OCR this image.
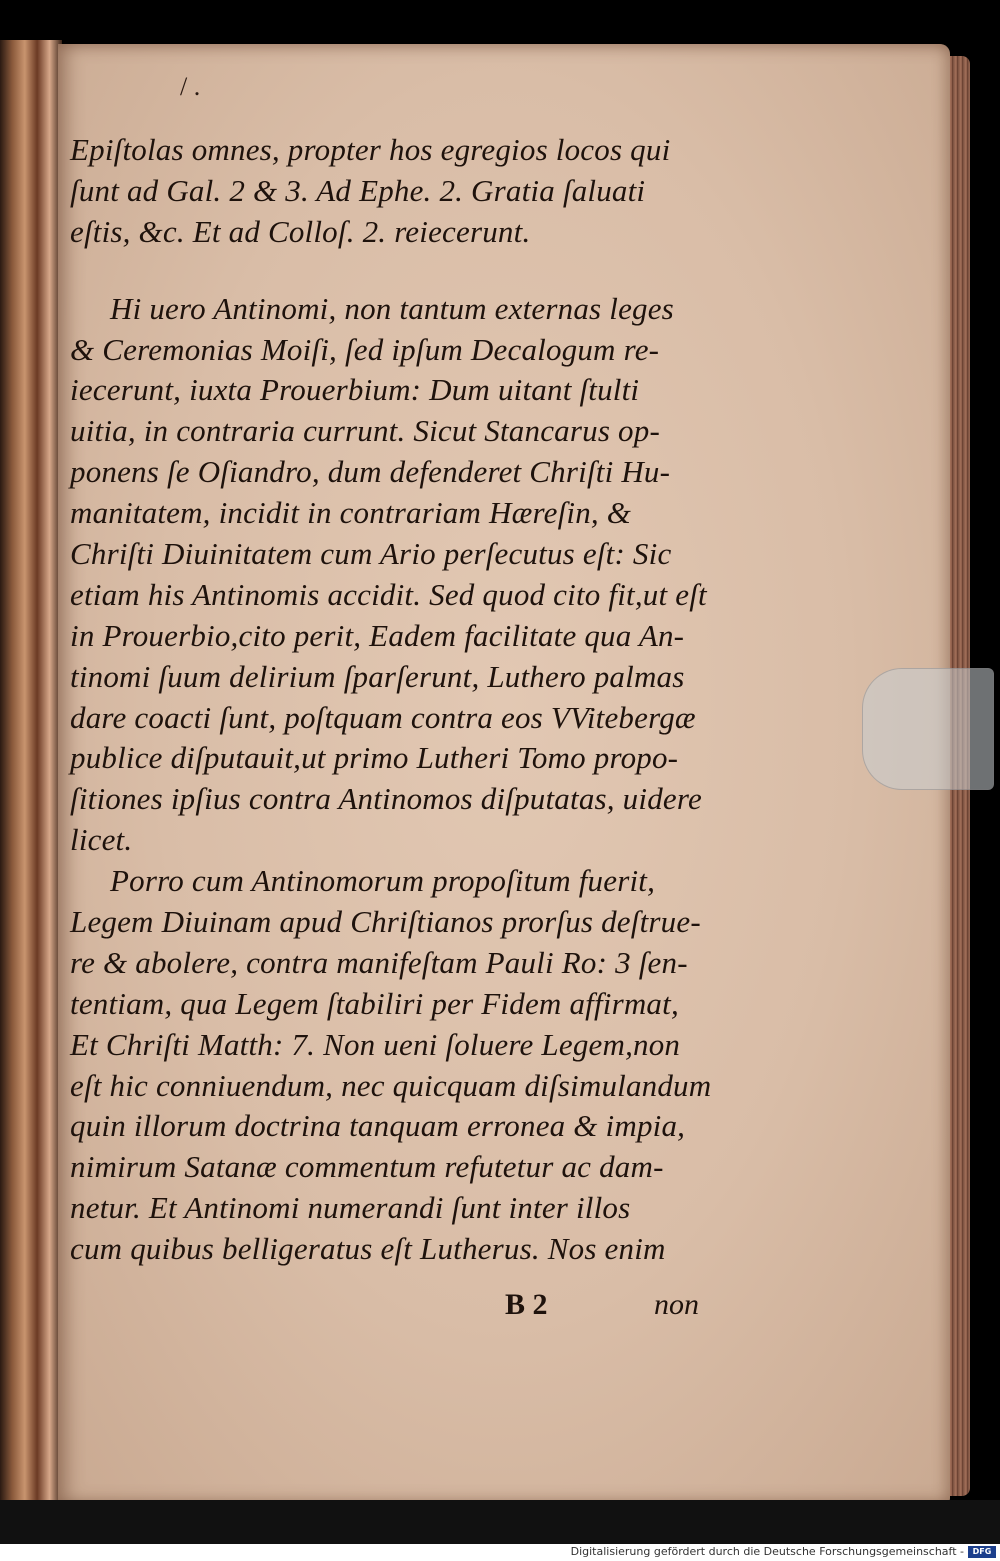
/ .
Epiſtolas omnes, propter hos egregios locos qui
ſunt ad Gal. 2 & 3. Ad Ephe. 2. Gratia ſaluati
eſtis, &c. Et ad Colloſ. 2. reiecerunt.
Hi uero Antinomi, non tantum externas leges
& Ceremonias Moiſi, ſed ipſum Decalogum re-
iecerunt, iuxta Prouerbium: Dum uitant ſtulti
uitia, in contraria currunt. Sicut Stancarus op-
ponens ſe Oſiandro, dum defenderet Chriſti Hu-
manitatem, incidit in contrariam Hæreſin, &
Chriſti Diuinitatem cum Ario perſecutus eſt: Sic
etiam his Antinomis accidit. Sed quod cito fit,ut eſt
in Prouerbio,cito perit, Eadem facilitate qua An-
tinomi ſuum delirium ſparſerunt, Luthero palmas
dare coacti ſunt, poſtquam contra eos VVitebergæ
publice diſputauit,ut primo Lutheri Tomo propo-
ſitiones ipſius contra Antinomos diſputatas, uidere
licet.
Porro cum Antinomorum propoſitum fuerit,
Legem Diuinam apud Chriſtianos prorſus deſtrue-
re & abolere, contra manifeſtam Pauli Ro: 3 ſen-
tentiam, qua Legem ſtabiliri per Fidem affirmat,
Et Chriſti Matth: 7. Non ueni ſoluere Legem,non
eſt hic conniuendum, nec quicquam diſsimulandum
quin illorum doctrina tanquam erronea & impia,
nimirum Satanæ commentum refutetur ac dam-
netur. Et Antinomi numerandi ſunt inter illos
cum quibus belligeratus eſt Lutherus. Nos enim
B 2	non
Digitalisierung gefördert durch die Deutsche Forschungsgemeinschaft -	DFG
